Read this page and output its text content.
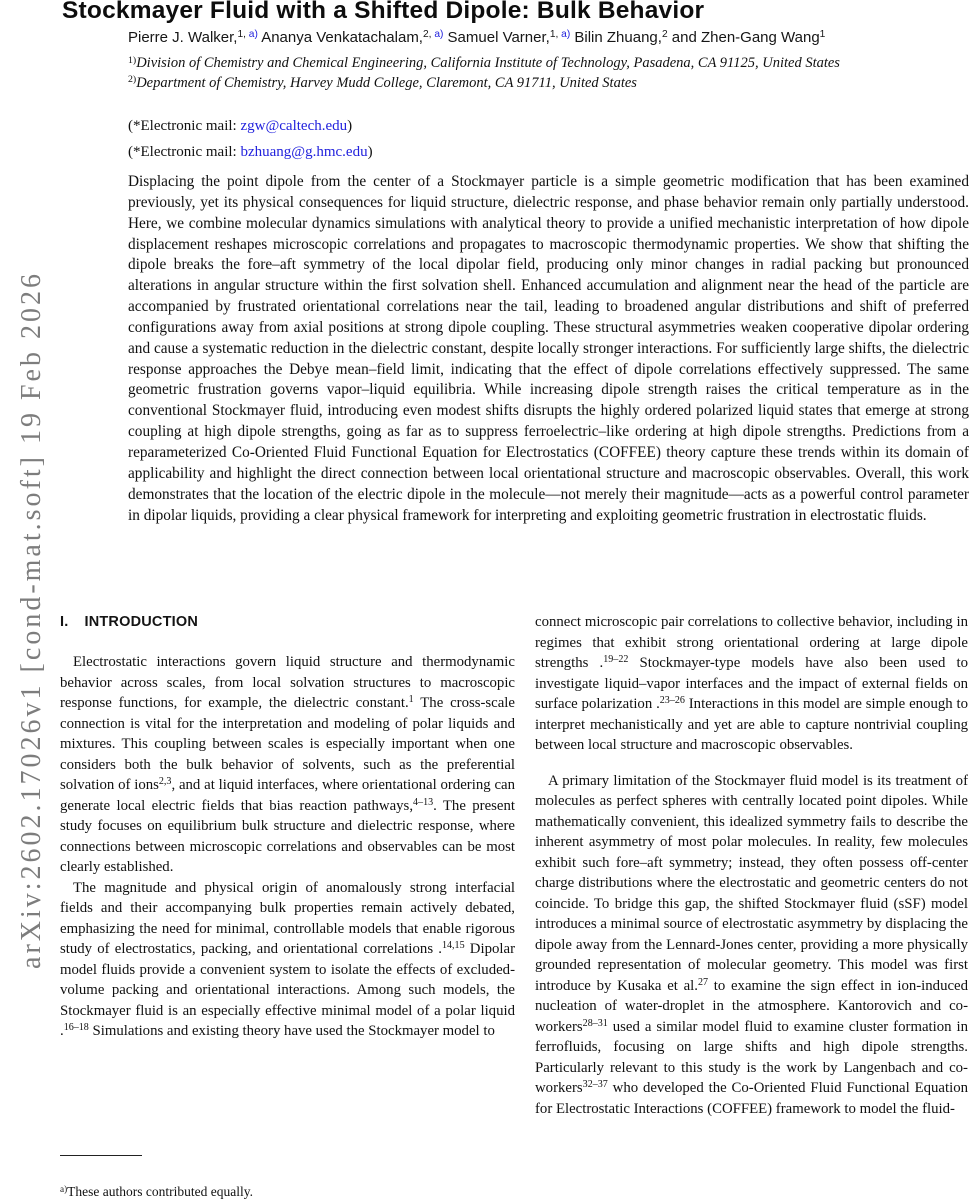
arXiv:2602.17026v1 [cond-mat.soft] 19 Feb 2026
Stockmayer Fluid with a Shifted Dipole: Bulk Behavior
Pierre J. Walker,$^{1,}$ $^{a)}$ Ananya Venkatachalam,$^{2,}$ $^{a)}$ Samuel Varner,$^{1,}$ $^{a)}$ Bilin Zhuang,$^2$ and Zhen-Gang Wang$^1$
$^{1)}$Division of Chemistry and Chemical Engineering, California Institute of Technology, Pasadena, CA 91125, United States
$^{2)}$Department of Chemistry, Harvey Mudd College, Claremont, CA 91711, United States
(*Electronic mail: zgw@caltech.edu)
(*Electronic mail: bzhuang@g.hmc.edu)
Displacing the point dipole from the center of a Stockmayer particle is a simple geometric modification that has been examined previously, yet its physical consequences for liquid structure, dielectric response, and phase behavior remain only partially understood. Here, we combine molecular dynamics simulations with analytical theory to provide a unified mechanistic interpretation of how dipole displacement reshapes microscopic correlations and propagates to macroscopic thermodynamic properties. We show that shifting the dipole breaks the fore–aft symmetry of the local dipolar field, producing only minor changes in radial packing but pronounced alterations in angular structure within the first solvation shell. Enhanced accumulation and alignment near the head of the particle are accompanied by frustrated orientational correlations near the tail, leading to broadened angular distributions and shift of preferred configurations away from axial positions at strong dipole coupling. These structural asymmetries weaken cooperative dipolar ordering and cause a systematic reduction in the dielectric constant, despite locally stronger interactions. For sufficiently large shifts, the dielectric response approaches the Debye mean–field limit, indicating that the effect of dipole correlations effectively suppressed. The same geometric frustration governs vapor–liquid equilibria. While increasing dipole strength raises the critical temperature as in the conventional Stockmayer fluid, introducing even modest shifts disrupts the highly ordered polarized liquid states that emerge at strong coupling at high dipole strengths, going as far as to suppress ferroelectric–like ordering at high dipole strengths. Predictions from a reparameterized Co-Oriented Fluid Functional Equation for Electrostatics (COFFEE) theory capture these trends within its domain of applicability and highlight the direct connection between local orientational structure and macroscopic observables. Overall, this work demonstrates that the location of the electric dipole in the molecule—not merely their magnitude—acts as a powerful control parameter in dipolar liquids, providing a clear physical framework for interpreting and exploiting geometric frustration in electrostatic fluids.
I. INTRODUCTION

Electrostatic interactions govern liquid structure and thermodynamic behavior across scales, from local solvation structures to macroscopic response functions, for example, the dielectric constant.$^1$ The cross-scale connection is vital for the interpretation and modeling of polar liquids and mixtures. This coupling between scales is especially important when one considers both the bulk behavior of solvents, such as the preferential solvation of ions$^{2,3}$, and at liquid interfaces, where orientational ordering can generate local electric fields that bias reaction pathways,$^{4-13}$. The present study focuses on equilibrium bulk structure and dielectric response, where connections between microscopic correlations and observables can be most clearly established.

The magnitude and physical origin of anomalously strong interfacial fields and their accompanying bulk properties remain actively debated, emphasizing the need for minimal, controllable models that enable rigorous study of electrostatics, packing, and orientational correlations .$^{14,15}$ Dipolar model fluids provide a convenient system to isolate the effects of excluded-volume packing and orientational interactions. Among such models, the Stockmayer fluid is an especially effective minimal model of a polar liquid .$^{16-18}$ Simulations and existing theory have used the Stockmayer model to

$^{a)}$These authors contributed equally.

connect microscopic pair correlations to collective behavior, including in regimes that exhibit strong orientational ordering at large dipole strengths .$^{19-22}$ Stockmayer-type models have also been used to investigate liquid–vapor interfaces and the impact of external fields on surface polarization .$^{23-26}$ Interactions in this model are simple enough to interpret mechanistically and yet are able to capture nontrivial coupling between local structure and macroscopic observables.

A primary limitation of the Stockmayer fluid model is its treatment of molecules as perfect spheres with centrally located point dipoles. While mathematically convenient, this idealized symmetry fails to describe the inherent asymmetry of most polar molecules. In reality, few molecules exhibit such fore–aft symmetry; instead, they often possess off-center charge distributions where the electrostatic and geometric centers do not coincide. To bridge this gap, the shifted Stockmayer fluid (sSF) model introduces a minimal source of electrostatic asymmetry by displacing the dipole away from the Lennard-Jones center, providing a more physically grounded representation of molecular geometry. This model was first introduce by Kusaka et al.$^{27}$ to examine the sign effect in ion-induced nucleation of water-droplet in the atmosphere. Kantorovich and co-workers$^{28-31}$ used a similar model fluid to examine cluster formation in ferrofluids, focusing on large shifts and high dipole strengths. Particularly relevant to this study is the work by Langenbach and co-workers$^{32-37}$ who developed the Co-Oriented Fluid Functional Equation for Electrostatic Interactions (COFFEE) framework to model the fluid-
